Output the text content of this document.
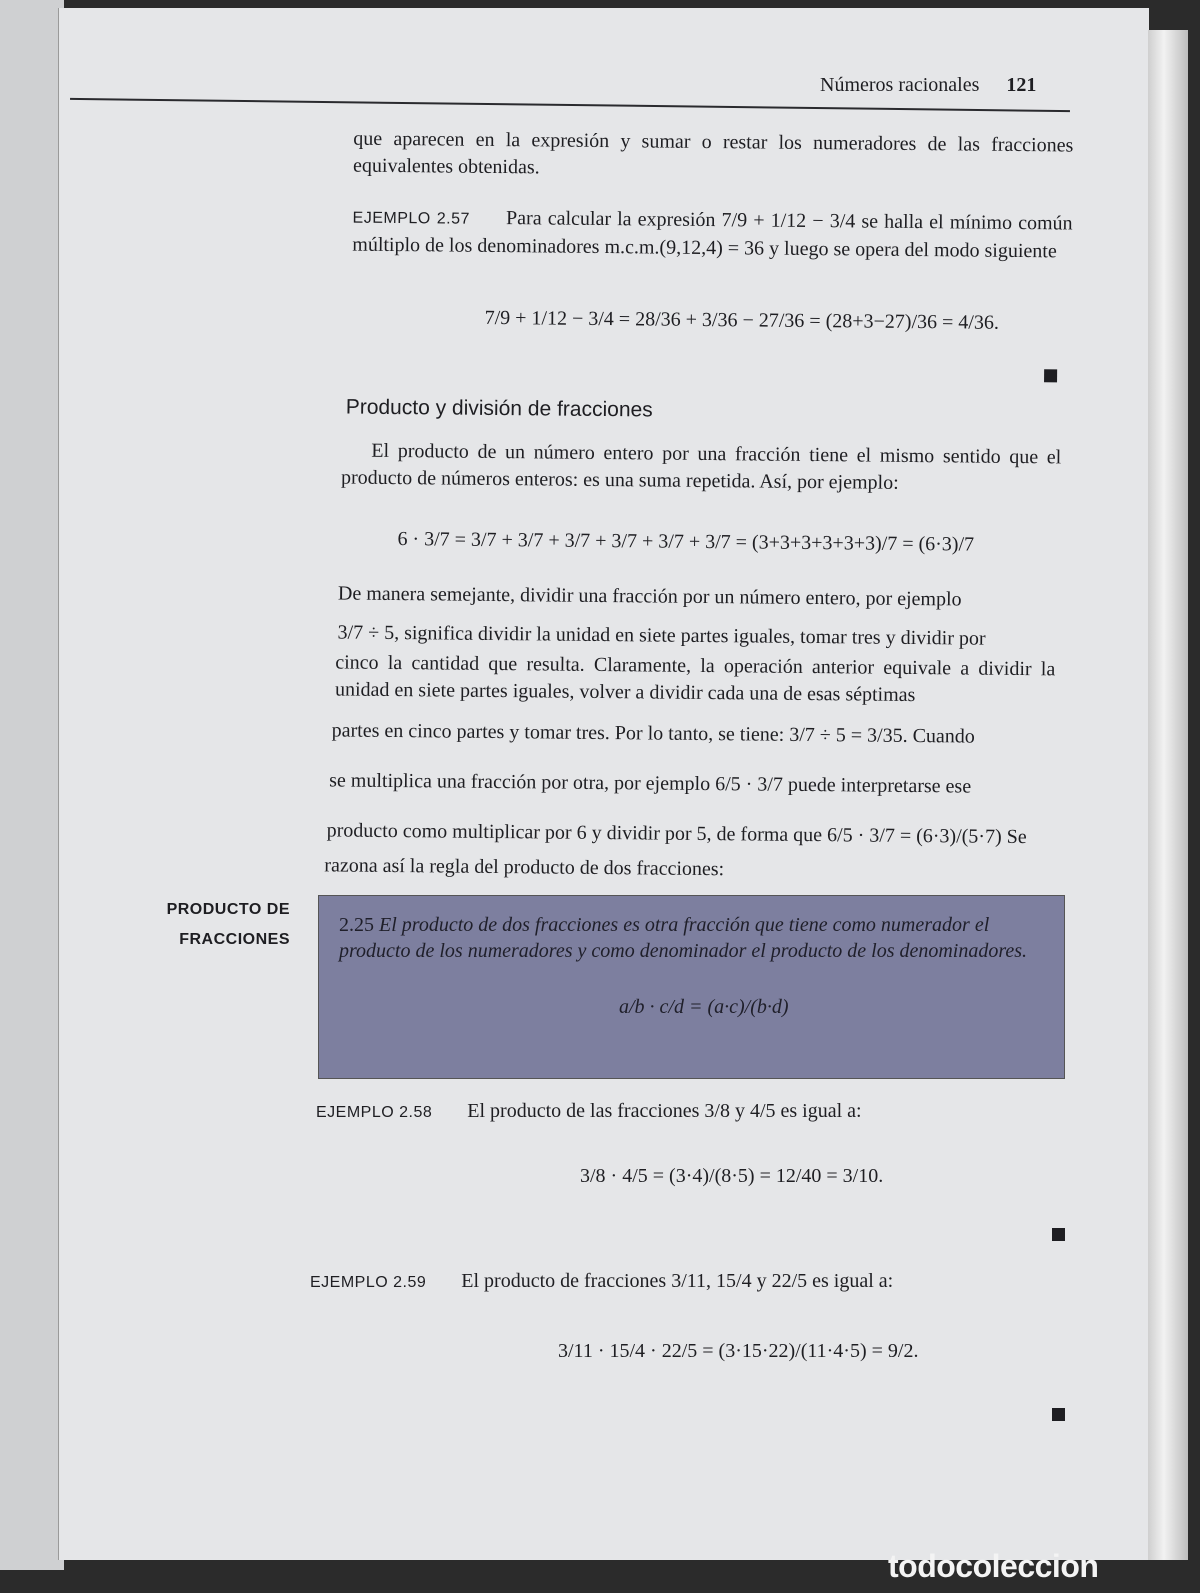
Números racionales 121
que aparecen en la expresión y sumar o restar los numeradores de las fracciones equivalentes obtenidas.
EJEMPLO 2.57 Para calcular la expresión 7/9 + 1/12 − 3/4 se halla el mínimo común múltiplo de los denominadores m.c.m.(9,12,4) = 36 y luego se opera del modo siguiente
7/9 + 1/12 − 3/4 = 28/36 + 3/36 − 27/36 = (28+3−27)/36 = 4/36.
Producto y división de fracciones
El producto de un número entero por una fracción tiene el mismo sentido que el producto de números enteros: es una suma repetida. Así, por ejemplo:
6 · 3/7 = 3/7 + 3/7 + 3/7 + 3/7 + 3/7 + 3/7 = (3+3+3+3+3+3)/7 = (6·3)/7
De manera semejante, dividir una fracción por un número entero, por ejemplo
3/7 ÷ 5, significa dividir la unidad en siete partes iguales, tomar tres y dividir por
cinco la cantidad que resulta. Claramente, la operación anterior equivale a dividir la unidad en siete partes iguales, volver a dividir cada una de esas séptimas
partes en cinco partes y tomar tres. Por lo tanto, se tiene: 3/7 ÷ 5 = 3/35. Cuando
se multiplica una fracción por otra, por ejemplo 6/5 · 3/7 puede interpretarse ese
producto como multiplicar por 6 y dividir por 5, de forma que 6/5 · 3/7 = (6·3)/(5·7) Se
razona así la regla del producto de dos fracciones:
PRODUCTO DE
FRACCIONES
2.25 El producto de dos fracciones es otra fracción que tiene como numerador el producto de los numeradores y como denominador el producto de los denominadores.
a/b · c/d = (a·c)/(b·d)
EJEMPLO 2.58 El producto de las fracciones 3/8 y 4/5 es igual a:
3/8 · 4/5 = (3·4)/(8·5) = 12/40 = 3/10.
EJEMPLO 2.59 El producto de fracciones 3/11, 15/4 y 22/5 es igual a:
3/11 · 15/4 · 22/5 = (3·15·22)/(11·4·5) = 9/2.
todocoleccion
